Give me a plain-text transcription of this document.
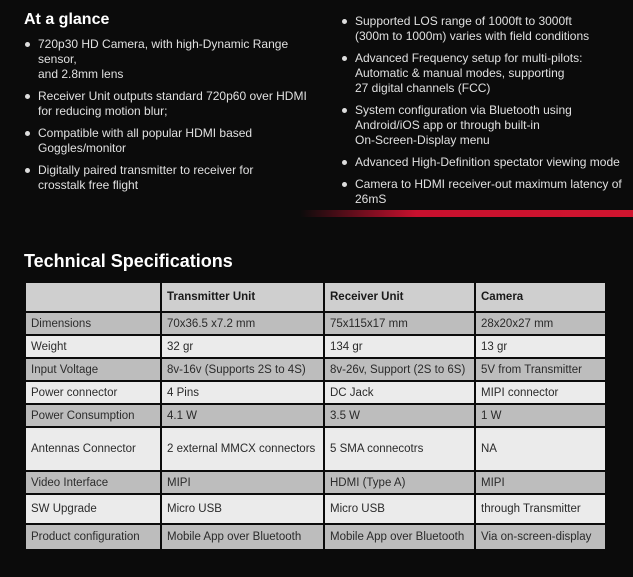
At a glance
720p30 HD Camera, with high-Dynamic Range sensor,
and 2.8mm lens
Receiver Unit outputs standard 720p60 over HDMI
for reducing motion blur;
Compatible with all popular HDMI based
Goggles/monitor
Digitally paired transmitter to receiver for
crosstalk free flight
Supported LOS range of 1000ft to 3000ft
(300m to 1000m) varies with field conditions
Advanced Frequency setup for multi-pilots:
Automatic & manual modes, supporting
27 digital channels (FCC)
System configuration via Bluetooth using
Android/iOS app or through built-in
On-Screen-Display menu
Advanced High-Definition spectator viewing mode
Camera to HDMI receiver-out maximum latency of
26mS
Technical Specifications
	Transmitter Unit	Receiver Unit	Camera
Dimensions	70x36.5 x7.2 mm	75x115x17 mm	28x20x27 mm
Weight	32 gr	134 gr	13 gr
Input Voltage	8v-16v (Supports 2S to 4S)	8v-26v, Support (2S to 6S)	5V from Transmitter
Power connector	4 Pins	DC Jack	MIPI connector
Power Consumption	4.1 W	3.5 W	1 W
Antennas Connector	2 external MMCX connectors	5 SMA connecotrs	NA
Video Interface	MIPI	HDMI (Type A)	MIPI
SW Upgrade	Micro USB	Micro USB	through Transmitter
Product configuration	Mobile App over Bluetooth	Mobile App over Bluetooth	Via on-screen-display
